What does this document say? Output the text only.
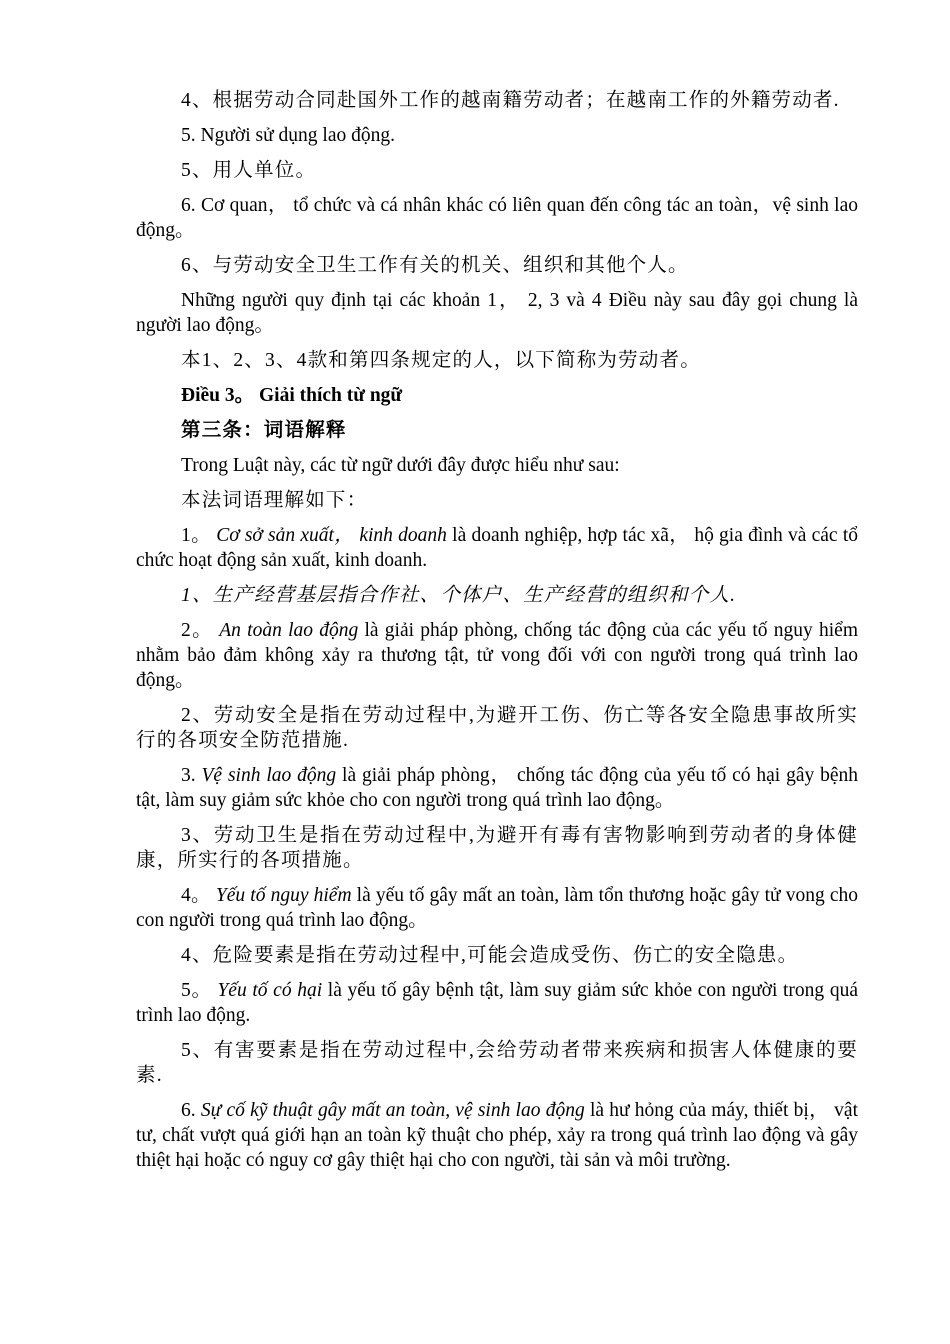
4、根据劳动合同赴国外工作的越南籍劳动者；在越南工作的外籍劳动者.

5. Người sử dụng lao động.

5、用人单位。

6. Cơ quan， tổ chức và cá nhân khác có liên quan đến công tác an toàn，vệ sinh lao động。

6、与劳动安全卫生工作有关的机关、组织和其他个人。

Những người quy định tại các khoản 1， 2, 3 và 4 Điều này sau đây gọi chung là người lao động。

本1、2、3、4款和第四条规定的人，以下简称为劳动者。

Điều 3。 Giải thích từ ngữ

第三条：词语解释

Trong Luật này, các từ ngữ dưới đây được hiểu như sau:

本法词语理解如下：

1。 Cơ sở sản xuất， kinh doanh là doanh nghiệp, hợp tác xã， hộ gia đình và các tổ chức hoạt động sản xuất, kinh doanh.

1、生产经营基层指合作社、个体户、生产经营的组织和个人.

2。 An toàn lao động là giải pháp phòng, chống tác động của các yếu tố nguy hiểm nhằm bảo đảm không xảy ra thương tật, tử vong đối với con người trong quá trình lao động。

2、劳动安全是指在劳动过程中,为避开工伤、伤亡等各安全隐患事故所实行的各项安全防范措施.

3. Vệ sinh lao động là giải pháp phòng， chống tác động của yếu tố có hại gây bệnh tật, làm suy giảm sức khỏe cho con người trong quá trình lao động。

3、劳动卫生是指在劳动过程中,为避开有毒有害物影响到劳动者的身体健康，所实行的各项措施。

4。 Yếu tố nguy hiểm là yếu tố gây mất an toàn, làm tổn thương hoặc gây tử vong cho con người trong quá trình lao động。

4、危险要素是指在劳动过程中,可能会造成受伤、伤亡的安全隐患。

5。 Yếu tố có hại là yếu tố gây bệnh tật, làm suy giảm sức khỏe con người trong quá trình lao động.

5、有害要素是指在劳动过程中,会给劳动者带来疾病和损害人体健康的要素.

6. Sự cố kỹ thuật gây mất an toàn, vệ sinh lao động là hư hỏng của máy, thiết bị， vật tư, chất vượt quá giới hạn an toàn kỹ thuật cho phép, xảy ra trong quá trình lao động và gây thiệt hại hoặc có nguy cơ gây thiệt hại cho con người, tài sản và môi trường.
